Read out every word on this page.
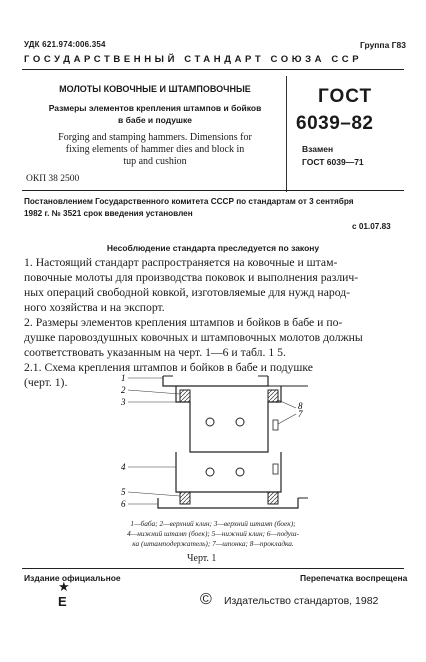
УДК 621.974:006.354	Группа Г83
ГОСУДАРСТВЕННЫЙ СТАНДАРТ СОЮЗА ССР
МОЛОТЫ КОВОЧНЫЕ И ШТАМПОВОЧНЫЕ
Размеры элементов крепления штампов и бойков
в бабе и подушке
Forging and stamping hammers. Dimensions for
fixing elements of hammer dies and block in
tup and cushion
ГОСТ
6039–82
Взамен
ГОСТ 6039—71
ОКП 38 2500
Постановлением Государственного комитета СССР по стандартам от 3 сентября
1982 г. № 3521 срок введения установлен
с 01.07.83
Несоблюдение стандарта преследуется по закону
1. Настоящий стандарт распространяется на ковочные и штам-
повочные молоты для производства поковок и выполнения различ-
ных операций свободной ковкой, изготовляемые для нужд народ-
ного хозяйства и на экспорт.
2. Размеры элементов крепления штампов и бойков в бабе и по-
душке паровоздушных ковочных и штамповочных молотов должны
соответствовать указанным на черт. 1—6 и табл. 1 5.
2.1. Схема крепления штампов и бойков в бабе и подушке
(черт. 1).	1
2
3
4
5
6
7
8
1—баба; 2—верхний клин; 3—верхний штамп (боек);
4—нижний штамп (боек); 5—нижний клин; 6—подуш-
ка (штамподержатель); 7—шпонка; 8—прокладка.
Черт. 1
Издание официальное	Перепечатка воспрещена
★
E	© Издательство стандартов, 1982
